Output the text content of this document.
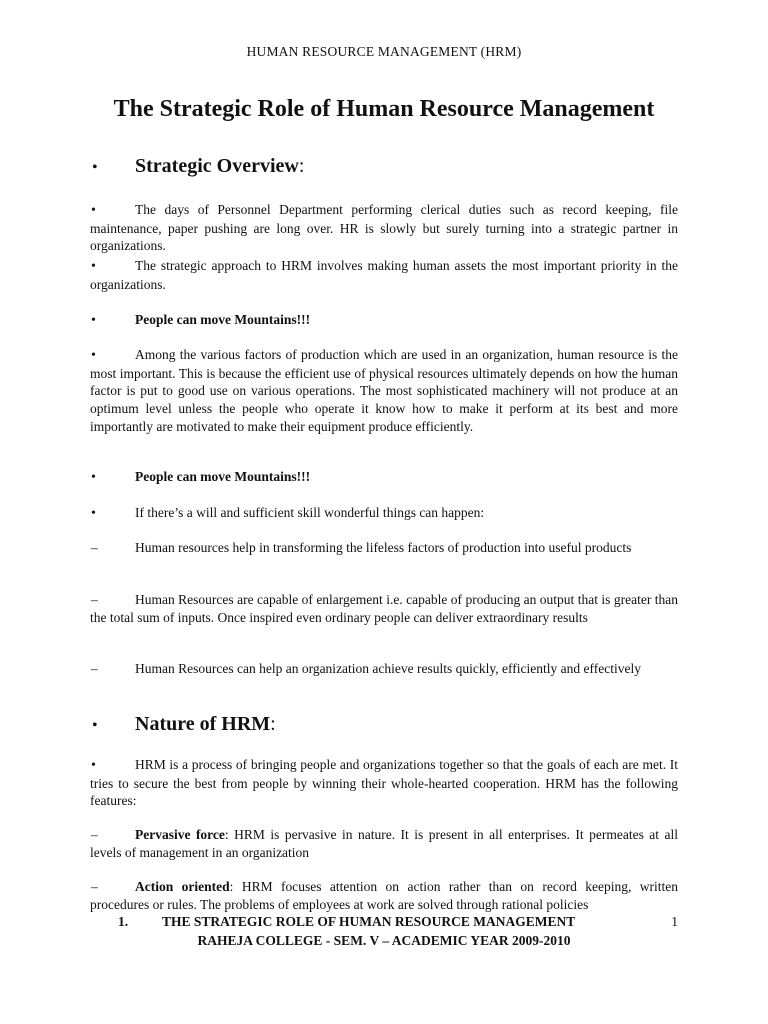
HUMAN RESOURCE MANAGEMENT (HRM)
The Strategic Role of Human Resource Management
• Strategic Overview:

•	The days of Personnel Department performing clerical duties such as record keeping, file maintenance, paper pushing are long over. HR is slowly but surely turning into a strategic partner in organizations.

•	The strategic approach to HRM involves making human assets the most important priority in the organizations.

•	People can move Mountains!!!

•	Among the various factors of production which are used in an organization, human resource is the most important. This is because the efficient use of physical resources ultimately depends on how the human factor is put to good use on various operations. The most sophisticated machinery will not produce at an optimum level unless the people who operate it know how to make it perform at its best and more importantly are motivated to make their equipment produce efficiently.

•	People can move Mountains!!!

•	If there’s a will and sufficient skill wonderful things can happen:

–	Human resources help in transforming the lifeless factors of production into useful products

–	Human Resources are capable of enlargement i.e. capable of producing an output that is greater than the total sum of inputs. Once inspired even ordinary people can deliver extraordinary results

–	Human Resources can help an organization achieve results quickly, efficiently and effectively

• Nature of HRM:

•	HRM is a process of bringing people and organizations together so that the goals of each are met. It tries to secure the best from people by winning their whole-hearted cooperation. HRM has the following features:

–	Pervasive force: HRM is pervasive in nature. It is present in all enterprises. It permeates at all levels of management in an organization

–	Action oriented: HRM focuses attention on action rather than on record keeping, written procedures or rules. The problems of employees at work are solved through rational policies

1.	THE STRATEGIC ROLE OF HUMAN RESOURCE MANAGEMENT	1
RAHEJA COLLEGE - SEM. V – ACADEMIC YEAR 2009-2010
